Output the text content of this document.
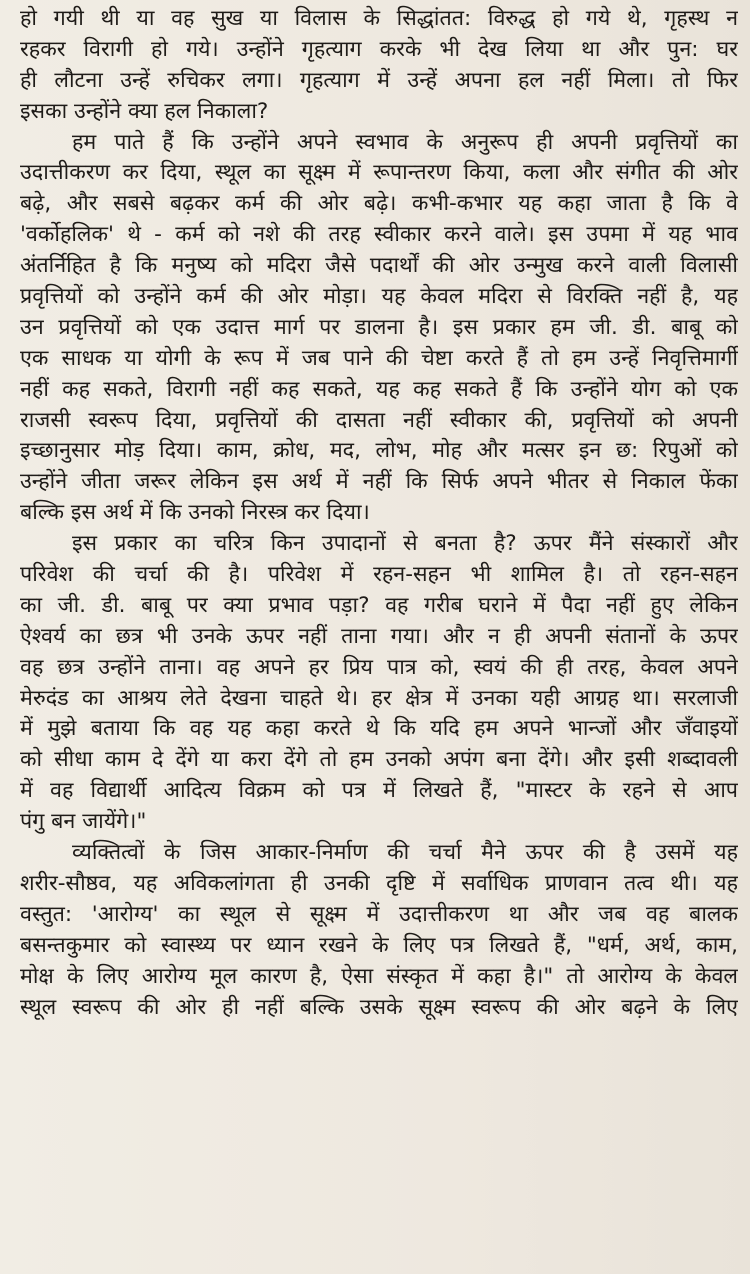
हो गयी थी या वह सुख या विलास के सिद्धांतत: विरुद्ध हो गये थे, गृहस्थ न
रहकर विरागी हो गये। उन्होंने गृहत्याग करके भी देख लिया था और पुन: घर
ही लौटना उन्हें रुचिकर लगा। गृहत्याग में उन्हें अपना हल नहीं मिला। तो फिर
इसका उन्होंने क्या हल निकाला?
हम पाते हैं कि उन्होंने अपने स्वभाव के अनुरूप ही अपनी प्रवृत्तियों का
उदात्तीकरण कर दिया, स्थूल का सूक्ष्म में रूपान्तरण किया, कला और संगीत की ओर
बढ़े, और सबसे बढ़कर कर्म की ओर बढ़े। कभी-कभार यह कहा जाता है कि वे
'वर्कोहलिक' थे - कर्म को नशे की तरह स्वीकार करने वाले। इस उपमा में यह भाव
अंतर्निहित है कि मनुष्य को मदिरा जैसे पदार्थों की ओर उन्मुख करने वाली विलासी
प्रवृत्तियों को उन्होंने कर्म की ओर मोड़ा। यह केवल मदिरा से विरक्ति नहीं है, यह
उन प्रवृत्तियों को एक उदात्त मार्ग पर डालना है। इस प्रकार हम जी. डी. बाबू को
एक साधक या योगी के रूप में जब पाने की चेष्टा करते हैं तो हम उन्हें निवृत्तिमार्गी
नहीं कह सकते, विरागी नहीं कह सकते, यह कह सकते हैं कि उन्होंने योग को एक
राजसी स्वरूप दिया, प्रवृत्तियों की दासता नहीं स्वीकार की, प्रवृत्तियों को अपनी
इच्छानुसार मोड़ दिया। काम, क्रोध, मद, लोभ, मोह और मत्सर इन छ: रिपुओं को
उन्होंने जीता जरूर लेकिन इस अर्थ में नहीं कि सिर्फ अपने भीतर से निकाल फेंका
बल्कि इस अर्थ में कि उनको निरस्त्र कर दिया।
इस प्रकार का चरित्र किन उपादानों से बनता है? ऊपर मैंने संस्कारों और
परिवेश की चर्चा की है। परिवेश में रहन-सहन भी शामिल है। तो रहन-सहन
का जी. डी. बाबू पर क्या प्रभाव पड़ा? वह गरीब घराने में पैदा नहीं हुए लेकिन
ऐश्वर्य का छत्र भी उनके ऊपर नहीं ताना गया। और न ही अपनी संतानों के ऊपर
वह छत्र उन्होंने ताना। वह अपने हर प्रिय पात्र को, स्वयं की ही तरह, केवल अपने
मेरुदंड का आश्रय लेते देखना चाहते थे। हर क्षेत्र में उनका यही आग्रह था। सरलाजी
में मुझे बताया कि वह यह कहा करते थे कि यदि हम अपने भान्जों और जँवाइयों
को सीधा काम दे देंगे या करा देंगे तो हम उनको अपंग बना देंगे। और इसी शब्दावली
में वह विद्यार्थी आदित्य विक्रम को पत्र में लिखते हैं, "मास्टर के रहने से आप
पंगु बन जायेंगे।"
व्यक्तित्वों के जिस आकार-निर्माण की चर्चा मैने ऊपर की है उसमें यह
शरीर-सौष्ठव, यह अविकलांगता ही उनकी दृष्टि में सर्वाधिक प्राणवान तत्व थी। यह
वस्तुत: 'आरोग्य' का स्थूल से सूक्ष्म में उदात्तीकरण था और जब वह बालक
बसन्तकुमार को स्वास्थ्य पर ध्यान रखने के लिए पत्र लिखते हैं, "धर्म, अर्थ, काम,
मोक्ष के लिए आरोग्य मूल कारण है, ऐसा संस्कृत में कहा है।" तो आरोग्य के केवल
स्थूल स्वरूप की ओर ही नहीं बल्कि उसके सूक्ष्म स्वरूप की ओर बढ़ने के लिए
